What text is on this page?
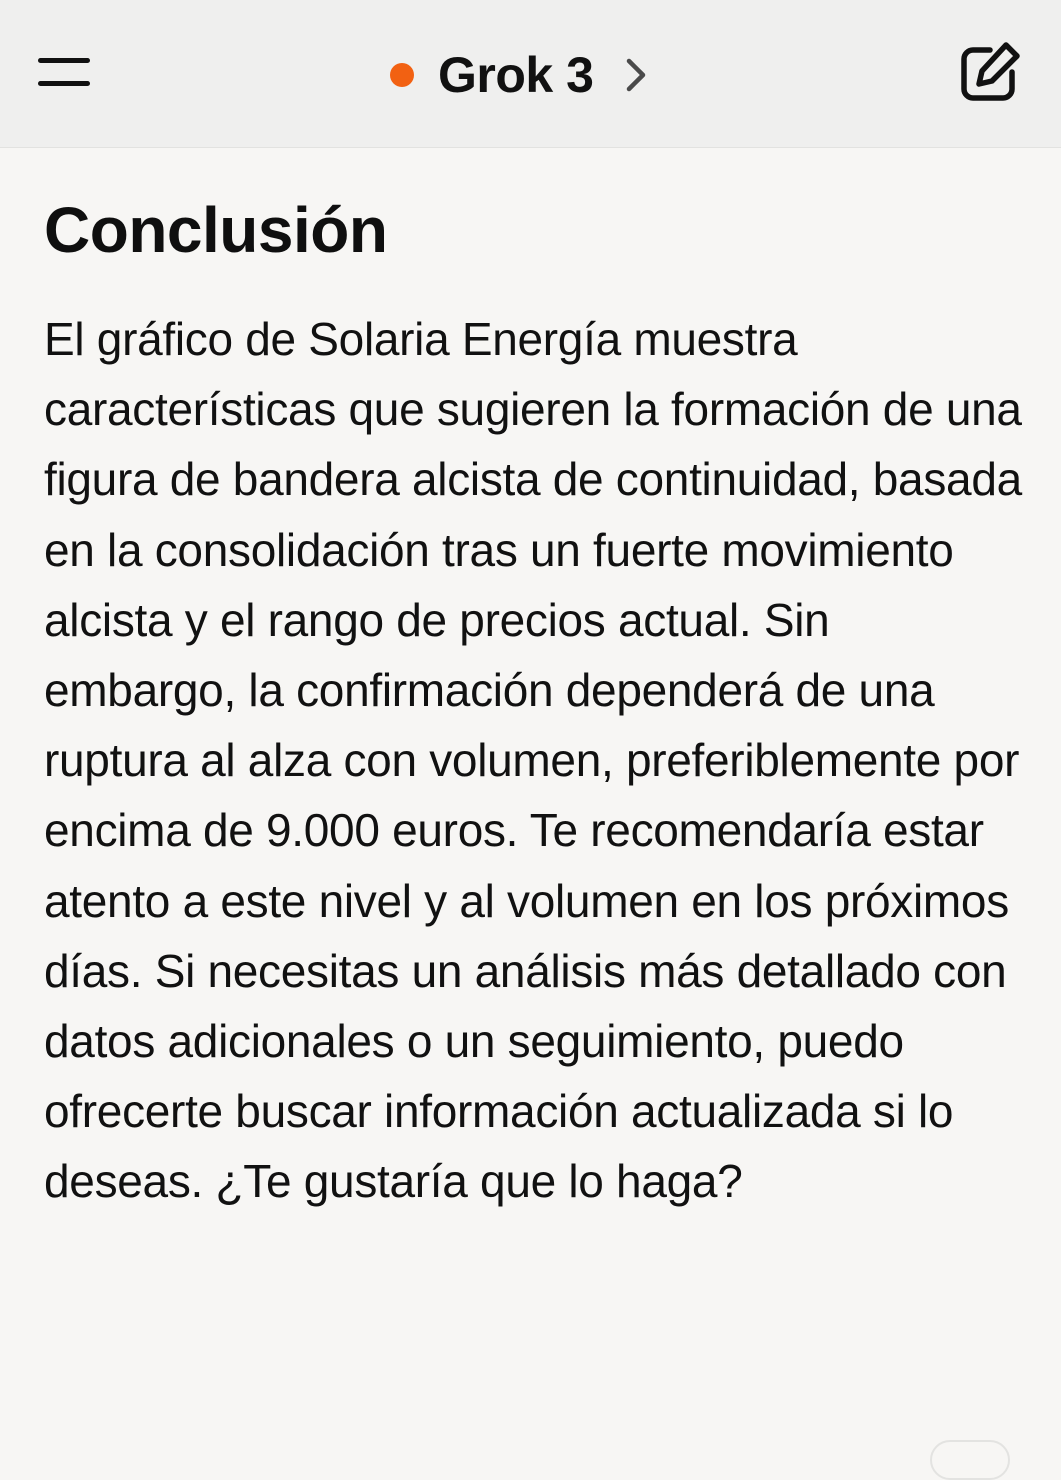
Grok 3
Conclusión

El gráfico de Solaria Energía muestra características que sugieren la formación de una figura de bandera alcista de continuidad, basada en la consolidación tras un fuerte movimiento alcista y el rango de precios actual. Sin embargo, la confirmación dependerá de una ruptura al alza con volumen, preferiblemente por encima de 9.000 euros. Te recomendaría estar atento a este nivel y al volumen en los próximos días. Si necesitas un análisis más detallado con datos adicionales o un seguimiento, puedo ofrecerte buscar información actualizada si lo deseas. ¿Te gustaría que lo haga?
